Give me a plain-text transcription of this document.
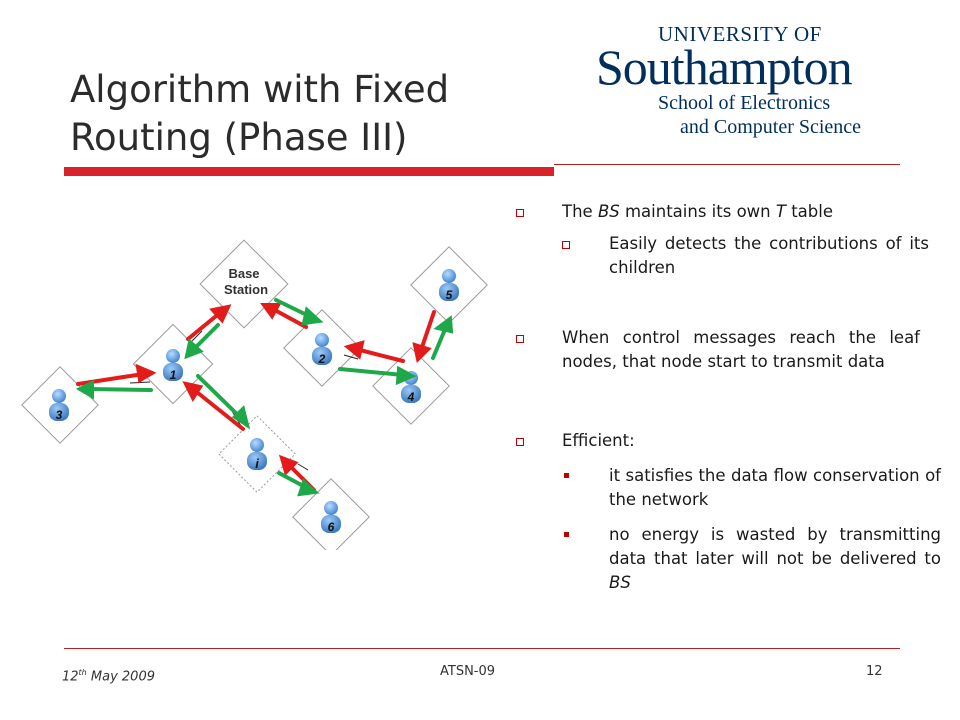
Algorithm with Fixed
Routing (Phase III)
UNIVERSITY OF
Southampton
School of Electronics
and Computer Science
Base
Station
1
2
3
4
5
6
i
The BS maintains its own T table
Easily detects the contributions of its children
When control messages reach the leaf nodes, that node start to transmit data
Efficient:
it satisfies the data flow conservation of the network
no energy is wasted by transmitting data that later will not be delivered to BS
12th May 2009	ATSN-09	12
